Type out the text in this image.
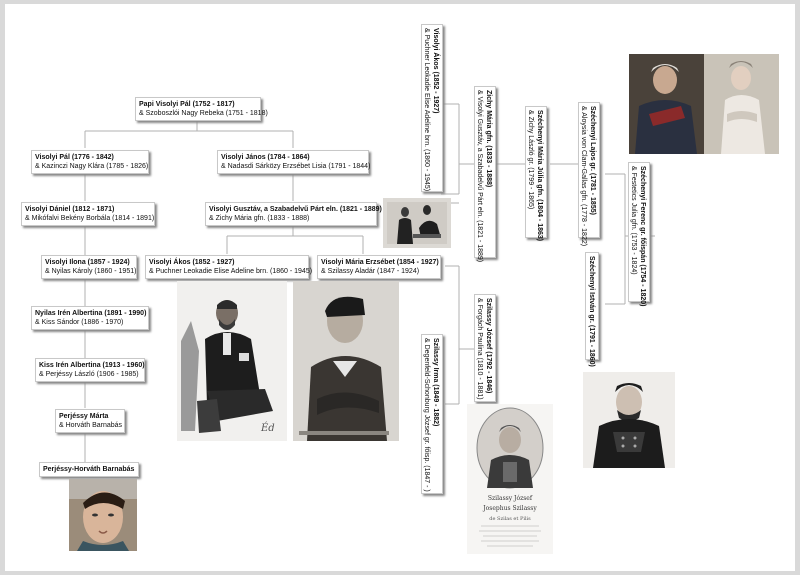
Papi Visolyi Pál (1752 - 1817)
& Szoboszlói Nagy Rebeka (1751 - 1818)
Visolyi Pál (1776 - 1842)
& Kazinczi Nagy Klára (1785 - 1826)
Visolyi János (1784 - 1864)
& Nadasdi Sárközy Erzsébet Lisia (1791 - 1844)
Visolyi Dániel (1812 - 1871)
& Mikófalvi Bekény Borbála (1814 - 1891)
Visolyi Gusztáv, a Szabadelvű Párt eln. (1821 - 1889)
& Zichy Mária gfn. (1833 - 1888)
Visolyi Ilona (1857 - 1924)
& Nyilas Károly (1860 - 1951)
Visolyi Ákos (1852 - 1927)
& Puchner Leokadie Elise Adeline brn. (1860 - 1945)
Visolyi Mária Erzsébet (1854 - 1927)
& Szilassy Aladár (1847 - 1924)
Nyilas Irén Albertina (1891 - 1990)
& Kiss Sándor (1886 - 1970)
Kiss Irén Albertina (1913 - 1960)
& Perjéssy László (1906 - 1985)
Perjéssy Márta
& Horváth Barnabás
Perjéssy-Horváth Barnabás
Visolyi Ákos (1852 - 1927)
& Puchner Leokadie Elise Adeline brn. (1860 - 1945)	Zichy Mária gfn. (1833 - 1888)
& Visolyi Gusztáv, a Szabadelvű Párt eln. (1821 - 1889)	Széchenyi Mária Júlia gfn. (1804 - 1863)
& Zichy László gr. (1799 - 1865)	Széchenyi Lajos gr. (1781 - 1855)
& Aloysia von Clam-Gallas gfn. (1778 - 1822)	Széchenyi Ferenc gr. főispán (1754 - 1820)
& Festetics Julia gfn. (1753 - 1824)
Széchenyi István gr. (1791 - 1860)
Szilassy Irma (1849 - 1882)
& Degenfeld-Schonburg József gr. főisp. (1847 - )	Szilassy József (1792 - 1846)
& Forgách Paulina (1810 - 1881)
Éd
Szilassy József
Josephus Szilassy
de Szilas et Pilis
